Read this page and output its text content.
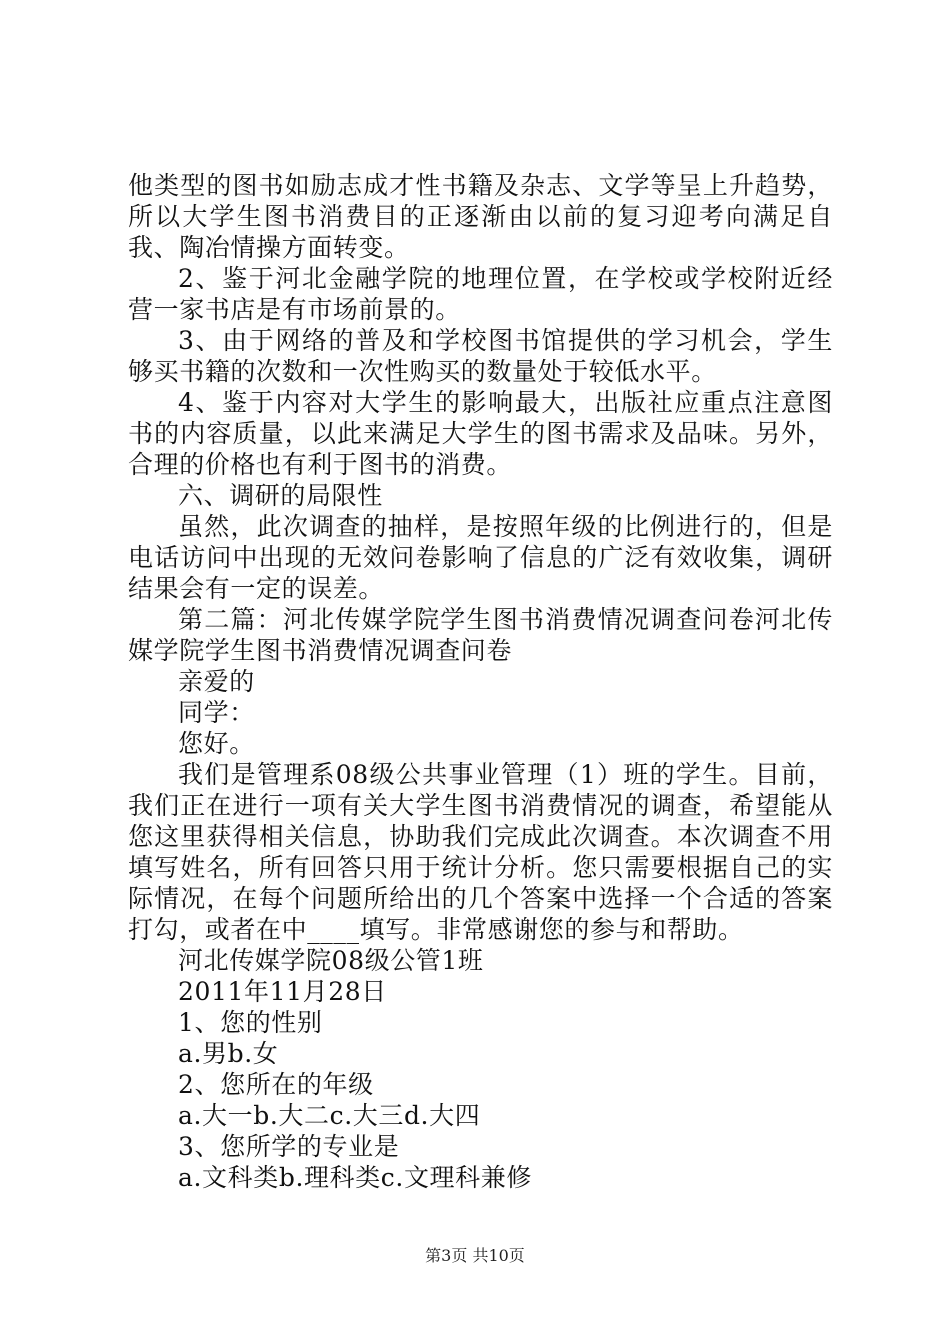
他类型的图书如励志成才性书籍及杂志、文学等呈上升趋势，所以大学生图书消费目的正逐渐由以前的复习迎考向满足自我、陶冶情操方面转变。

2、鉴于河北金融学院的地理位置，在学校或学校附近经营一家书店是有市场前景的。

3、由于网络的普及和学校图书馆提供的学习机会，学生够买书籍的次数和一次性购买的数量处于较低水平。

4、鉴于内容对大学生的影响最大，出版社应重点注意图书的内容质量，以此来满足大学生的图书需求及品味。另外，合理的价格也有利于图书的消费。

六、调研的局限性

虽然，此次调查的抽样，是按照年级的比例进行的，但是电话访问中出现的无效问卷影响了信息的广泛有效收集，调研结果会有一定的误差。

第二篇：河北传媒学院学生图书消费情况调查问卷河北传媒学院学生图书消费情况调查问卷

亲爱的

同学：

您好。

我们是管理系08级公共事业管理（1）班的学生。目前，我们正在进行一项有关大学生图书消费情况的调查，希望能从您这里获得相关信息，协助我们完成此次调查。本次调查不用填写姓名，所有回答只用于统计分析。您只需要根据自己的实际情况，在每个问题所给出的几个答案中选择一个合适的答案打勾，或者在中____填写。非常感谢您的参与和帮助。

河北传媒学院08级公管1班

2011年11月28日

1、您的性别

a.男b.女

2、您所在的年级

a.大一b.大二c.大三d.大四

3、您所学的专业是

a.文科类b.理科类c.文理科兼修

第3页 共10页
